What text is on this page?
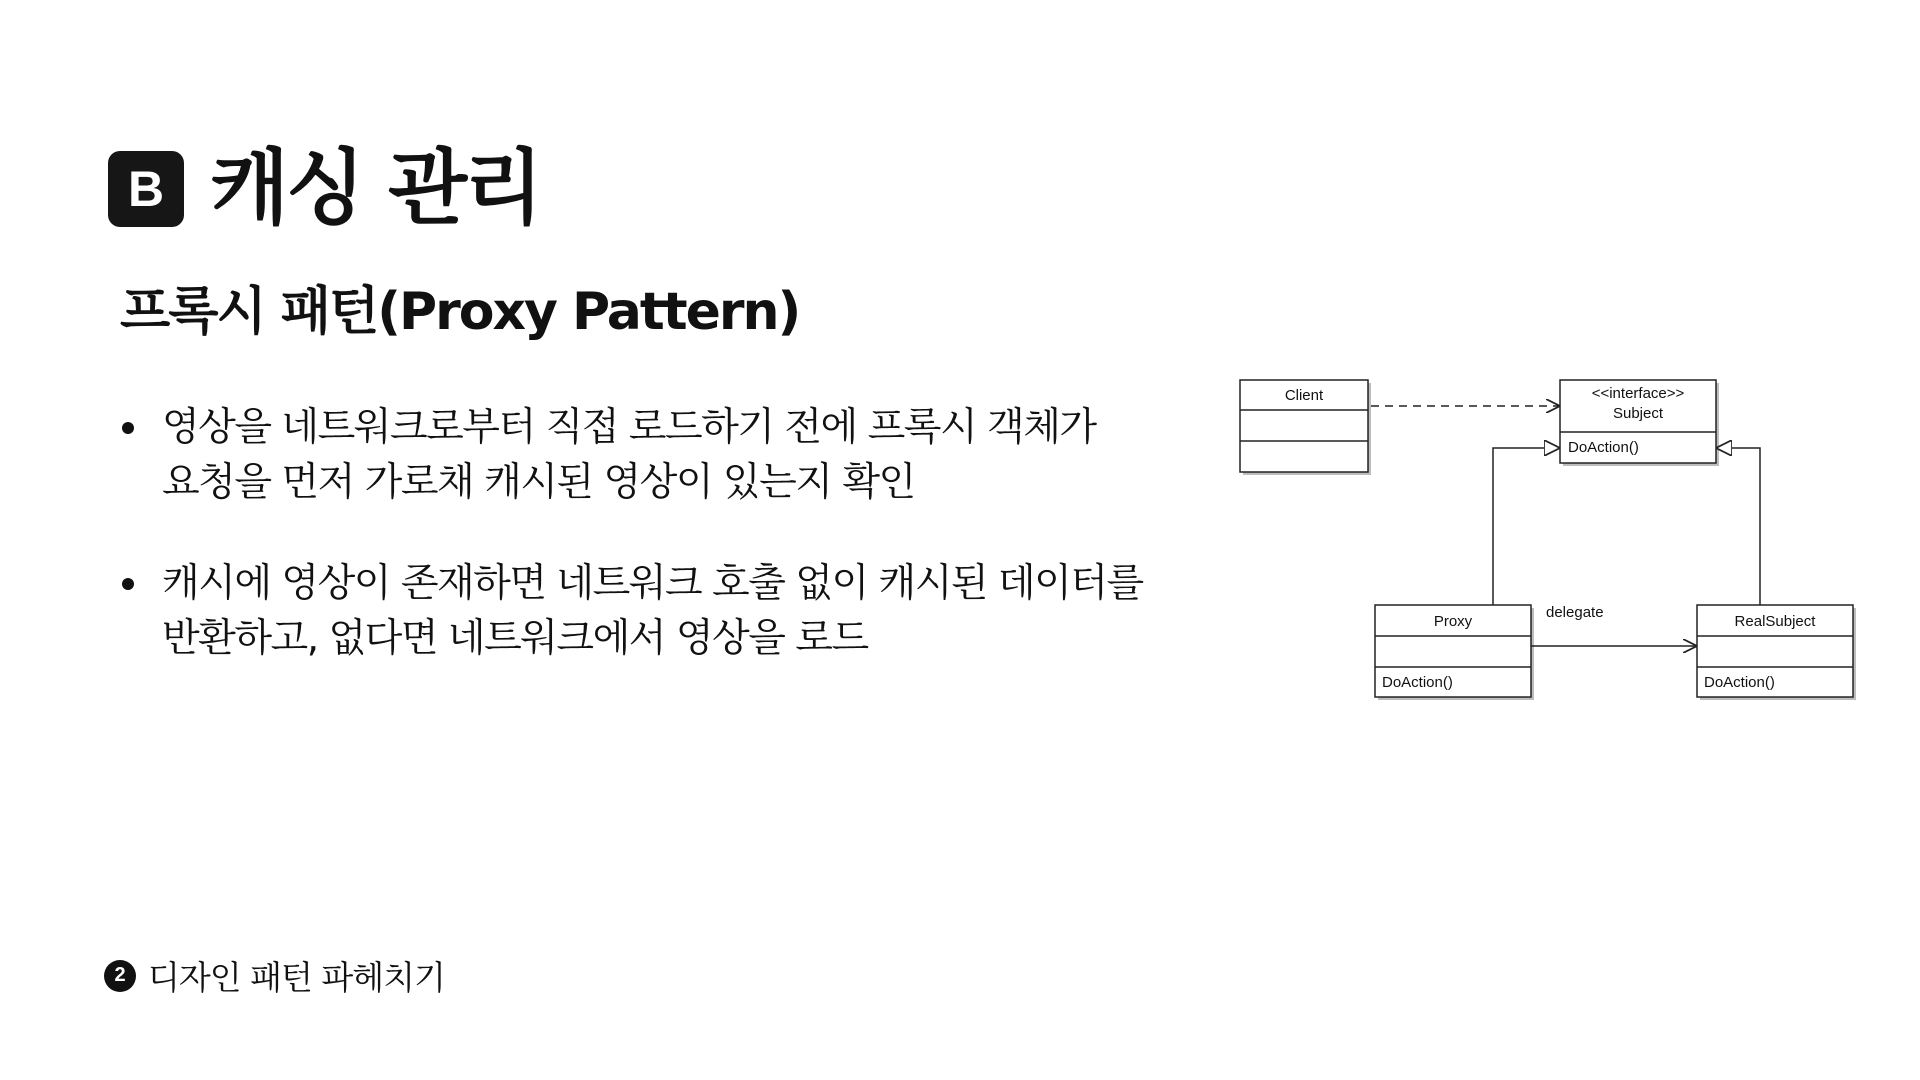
B 캐싱 관리
프록시 패턴(Proxy Pattern)
영상을 네트워크로부터 직접 로드하기 전에 프록시 객체가
요청을 먼저 가로채 캐시된 영상이 있는지 확인
캐시에 영상이 존재하면 네트워크 호출 없이 캐시된 데이터를
반환하고, 없다면 네트워크에서 영상을 로드
Client	<<interface>>
Subject
DoAction()
Proxy
DoAction()
RealSubject
DoAction()
delegate
2 디자인 패턴 파헤치기
